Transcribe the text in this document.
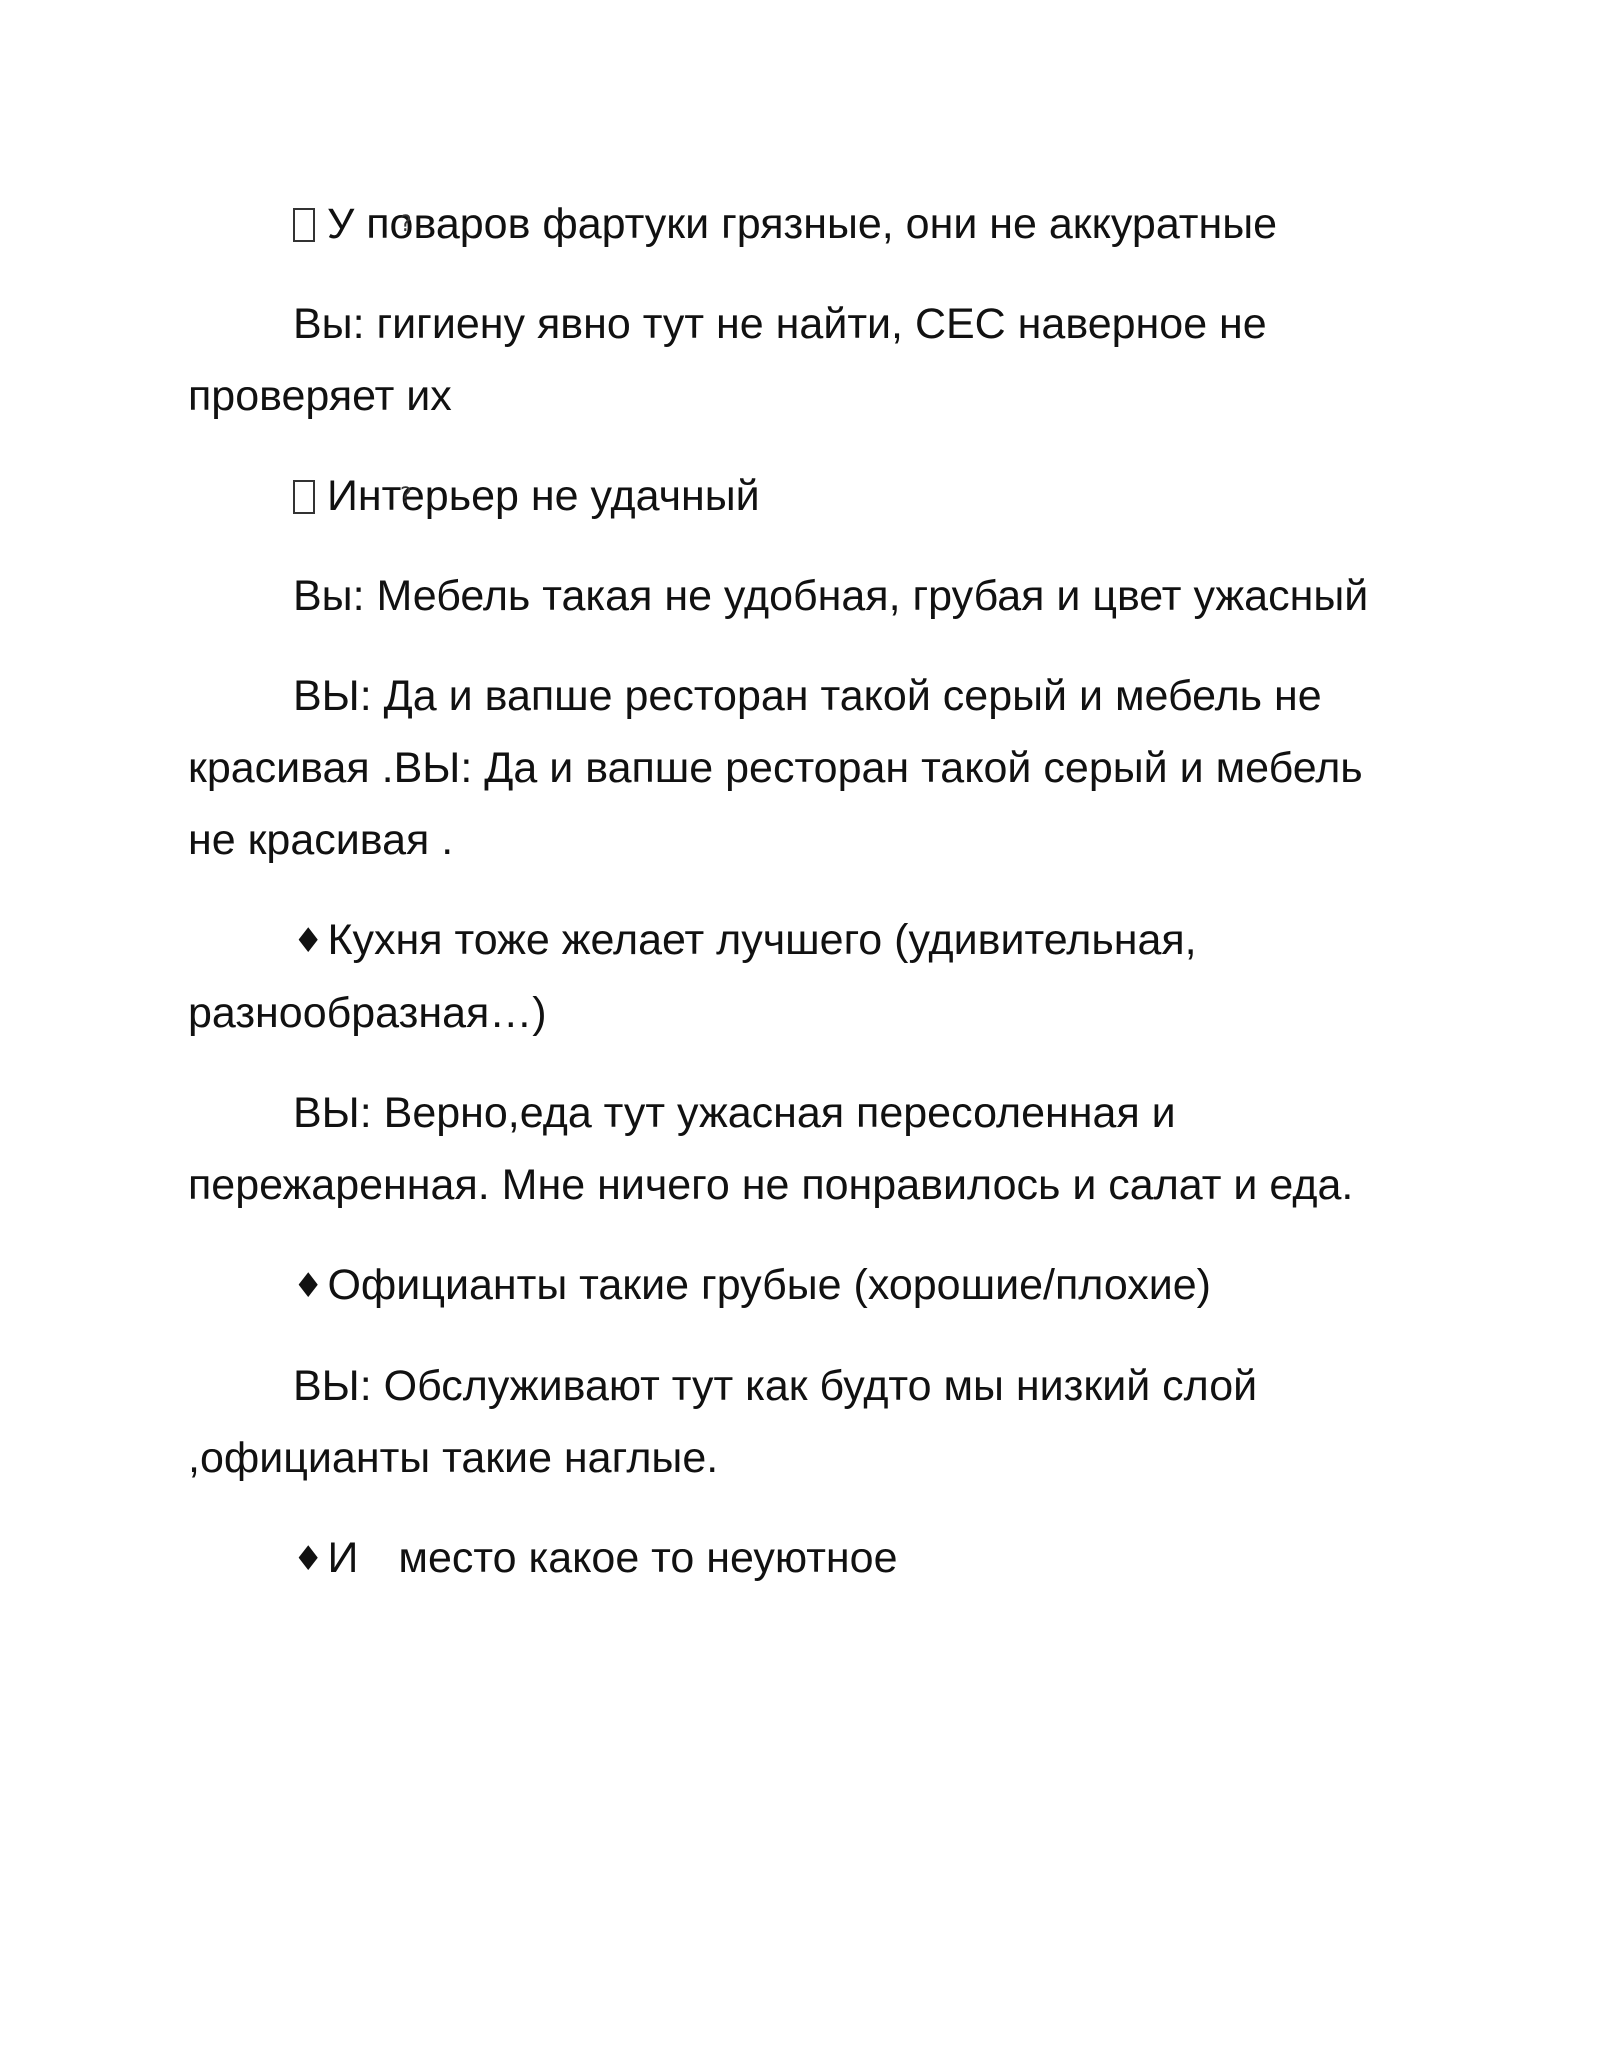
?У поваров фартуки грязные, они не аккуратные

Вы: гигиену явно тут не найти, СЕС наверное не проверяет их

?Интерьер не удачный

Вы: Мебель такая не удобная, грубая и цвет ужасный

ВЫ: Да и вапше ресторан такой серый и мебель не красивая .ВЫ: Да и вапше ресторан такой серый и мебель не красивая .

♦Кухня тоже желает лучшего (удивительная, разнообразная…)

ВЫ: Верно,еда тут ужасная пересоленная и пережаренная. Мне ничего не понравилось и салат и еда.

♦Официанты такие грубые (хорошие/плохие)

ВЫ: Обслуживают тут как будто мы низкий слой ,официанты такие наглые.

♦И место какое то неуютное
